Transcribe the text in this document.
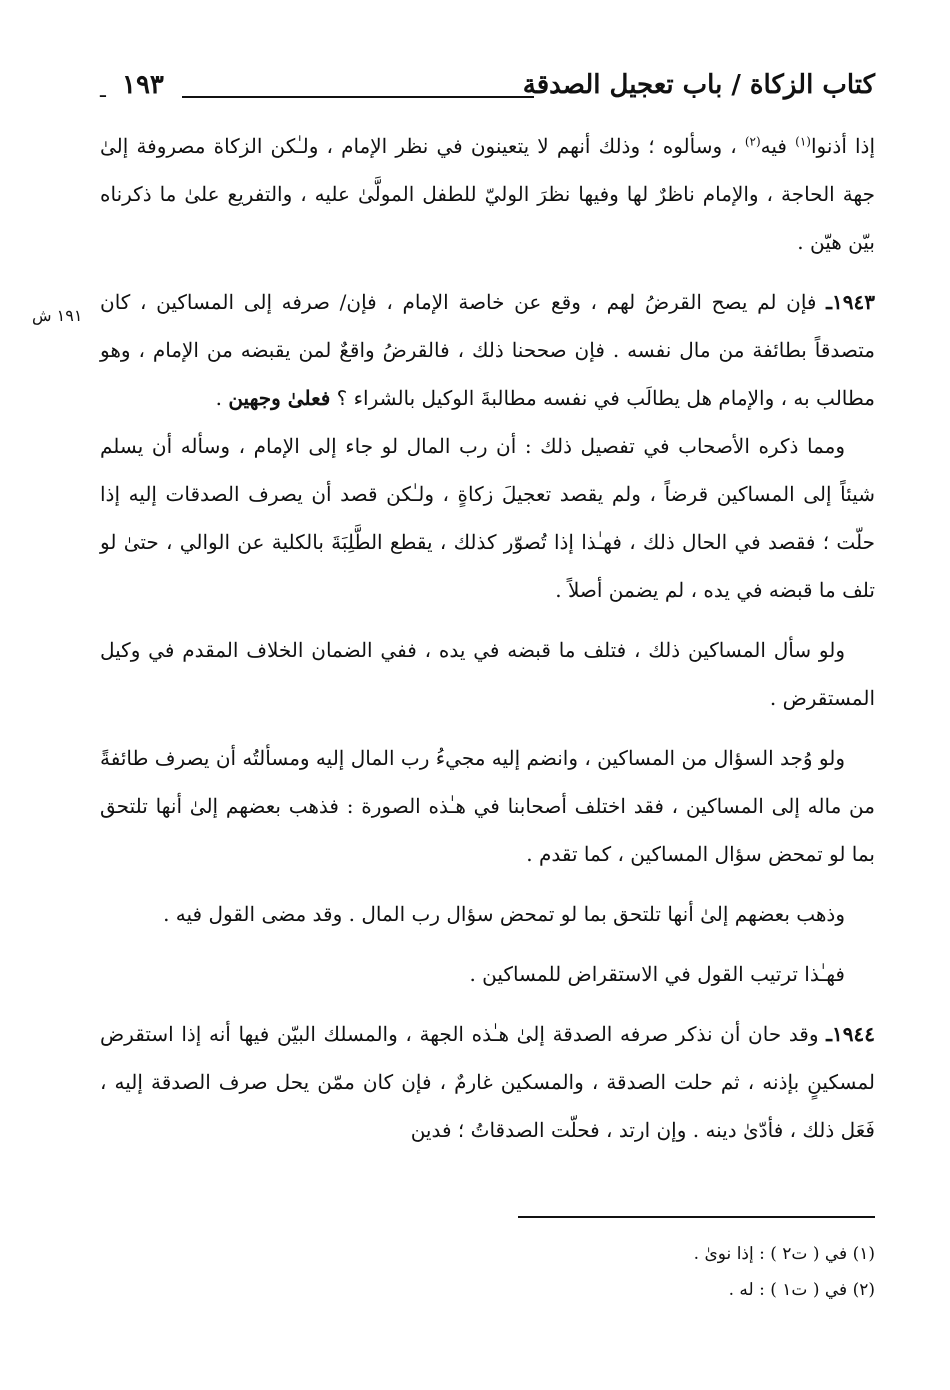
كتاب الزكاة / باب تعجيل الصدقة
١٩٣
ـ
١٩١ ش

إذا أذنوا$^{(١)}$ فيه$^{(٢)}$ ، وسألوه ؛ وذلك أنهم لا يتعينون في نظر الإمام ، ولـٰكن الزكاة مصروفة إلىٰ جهة الحاجة ، والإمام ناظرٌ لها وفيها نظرَ الوليّ للطفل المولَّىٰ عليه ، والتفريع علىٰ ما ذكرناه بيّن هيّن .

١٩٤٣ـ فإن لم يصح القرضُ لهم ، وقع عن خاصة الإمام ، فإن/ صرفه إلى المساكين ، كان متصدقاً بطائفة من مال نفسه . فإن صححنا ذلك ، فالقرضُ واقعٌ لمن يقبضه من الإمام ، وهو مطالب به ، والإمام هل يطالَب في نفسه مطالبةَ الوكيل بالشراء ؟ فعلىٰ وجهين .

ومما ذكره الأصحاب في تفصيل ذلك : أن رب المال لو جاء إلى الإمام ، وسأله أن يسلم شيئاً إلى المساكين قرضاً ، ولم يقصد تعجيلَ زكاةٍ ، ولـٰكن قصد أن يصرف الصدقات إليه إذا حلّت ؛ فقصد في الحال ذلك ، فهـٰذا إذا تُصوّر كذلك ، يقطع الطَّلِبَةَ بالكلية عن الوالي ، حتىٰ لو تلف ما قبضه في يده ، لم يضمن أصلاً .

ولو سأل المساكين ذلك ، فتلف ما قبضه في يده ، ففي الضمان الخلاف المقدم في وكيل المستقرض .

ولو وُجد السؤال من المساكين ، وانضم إليه مجيءُ رب المال إليه ومسألتُه أن يصرف طائفةً من ماله إلى المساكين ، فقد اختلف أصحابنا في هـٰذه الصورة : فذهب بعضهم إلىٰ أنها تلتحق بما لو تمحض سؤال المساكين ، كما تقدم .

وذهب بعضهم إلىٰ أنها تلتحق بما لو تمحض سؤال رب المال . وقد مضى القول فيه .

فهـٰذا ترتيب القول في الاستقراض للمساكين .

١٩٤٤ـ وقد حان أن نذكر صرفه الصدقة إلىٰ هـٰذه الجهة ، والمسلك البيّن فيها أنه إذا استقرض لمسكينٍ بإذنه ، ثم حلت الصدقة ، والمسكين غارمٌ ، فإن كان ممّن يحل صرف الصدقة إليه ، فَعَل ذلك ، فأدّىٰ دينه . وإن ارتد ، فحلّت الصدقاتُ ؛ فدين

(١) في ( ت٢ ) : إذا نوىٰ .

(٢) في ( ت١ ) : له .
